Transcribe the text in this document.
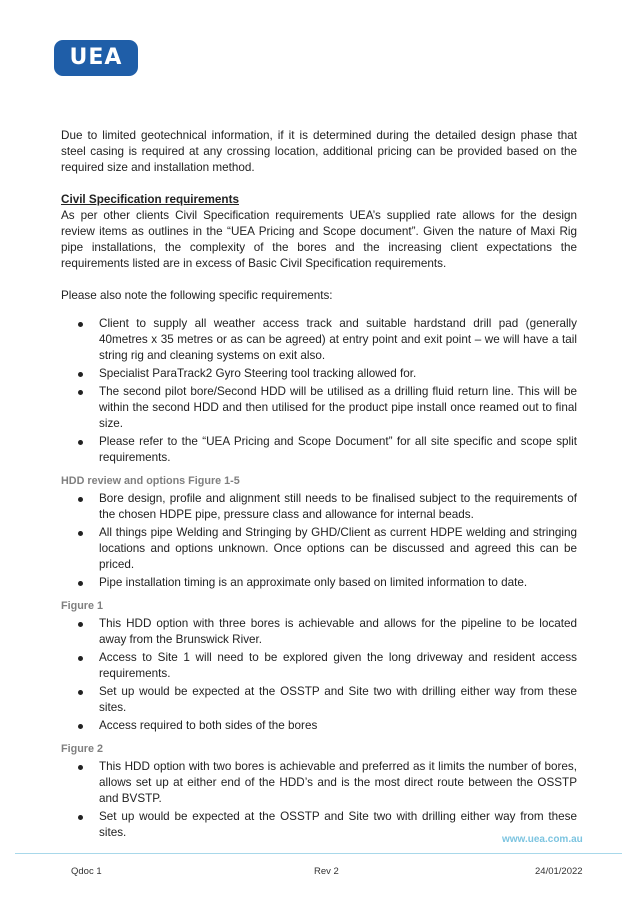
UEA

Due to limited geotechnical information, if it is determined during the detailed design phase that steel casing is required at any crossing location, additional pricing can be provided based on the required size and installation method.

Civil Specification requirements

As per other clients Civil Specification requirements UEA’s supplied rate allows for the design review items as outlines in the “UEA Pricing and Scope document”. Given the nature of Maxi Rig pipe installations, the complexity of the bores and the increasing client expectations the requirements listed are in excess of Basic Civil Specification requirements.

Please also note the following specific requirements:

Client to supply all weather access track and suitable hardstand drill pad (generally 40metres x 35 metres or as can be agreed) at entry point and exit point – we will have a tail string rig and cleaning systems on exit also.
Specialist ParaTrack2 Gyro Steering tool tracking allowed for.
The second pilot bore/Second HDD will be utilised as a drilling fluid return line. This will be within the second HDD and then utilised for the product pipe install once reamed out to final size.
Please refer to the “UEA Pricing and Scope Document” for all site specific and scope split requirements.
HDD review and options Figure 1-5
Bore design, profile and alignment still needs to be finalised subject to the requirements of the chosen HDPE pipe, pressure class and allowance for internal beads.
All things pipe Welding and Stringing by GHD/Client as current HDPE welding and stringing locations and options unknown. Once options can be discussed and agreed this can be priced.
Pipe installation timing is an approximate only based on limited information to date.
Figure 1
This HDD option with three bores is achievable and allows for the pipeline to be located away from the Brunswick River.
Access to Site 1 will need to be explored given the long driveway and resident access requirements.
Set up would be expected at the OSSTP and Site two with drilling either way from these sites.
Access required to both sides of the bores
Figure 2
This HDD option with two bores is achievable and preferred as it limits the number of bores, allows set up at either end of the HDD’s and is the most direct route between the OSSTP and BVSTP.
Set up would be expected at the OSSTP and Site two with drilling either way from these sites.
www.uea.com.au
Qdoc 1	Rev 2	24/01/2022
